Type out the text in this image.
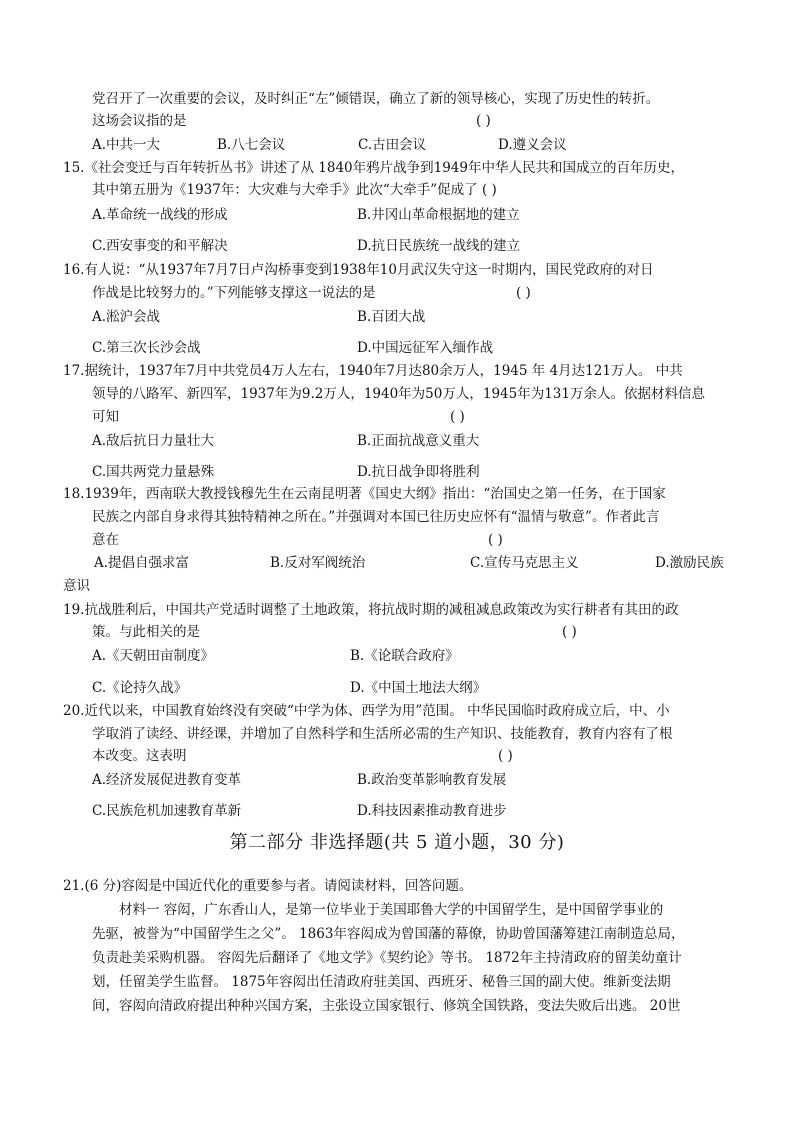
党召开了一次重要的会议，及时纠正“左”倾错误，确立了新的领导核心，实现了历史性的转折。
这场会议指的是	( )
A.中共一大	B.八七会议	C.古田会议	D.遵义会议
15.《社会变迁与百年转折丛书》讲述了从 1840年鸦片战争到1949年中华人民共和国成立的百年历史，
其中第五册为《1937年：大灾难与大牵手》此次“大牵手”促成了 ( )
A.革命统一战线的形成	B.井冈山革命根据地的建立
C.西安事变的和平解决	D.抗日民族统一战线的建立
16.有人说：“从1937年7月7日卢沟桥事变到1938年10月武汉失守这一时期内，国民党政府的对日
作战是比较努力的。”下列能够支撑这一说法的是	( )
A.淞沪会战	B.百团大战
C.第三次长沙会战	D.中国远征军入缅作战
17.据统计，1937年7月中共党员4万人左右，1940年7月达80余万人，1945 年 4月达121万人。 中共
领导的八路军、新四军，1937年为9.2万人，1940年为50万人，1945年为131万余人。依据材料信息
可知	( )
A.敌后抗日力量壮大	B.正面抗战意义重大
C.国共两党力量悬殊	D.抗日战争即将胜利
18.1939年，西南联大教授钱穆先生在云南昆明著《国史大纲》指出：“治国史之第一任务，在于国家
民族之内部自身求得其独特精神之所在。”并强调对本国已往历史应怀有“温情与敬意”。作者此言
意在	( )
A.提倡自强求富	B.反对军阀统治	C.宣传马克思主义	D.激励民族
意识
19.抗战胜利后，中国共产党适时调整了土地政策，将抗战时期的减租减息政策改为实行耕者有其田的政
策。与此相关的是	( )
A.《天朝田亩制度》	B.《论联合政府》
C.《论持久战》	D.《中国土地法大纲》
20.近代以来，中国教育始终没有突破“中学为体、西学为用”范围。 中华民国临时政府成立后，中、小
学取消了读经、讲经课，并增加了自然科学和生活所必需的生产知识、技能教育，教育内容有了根
本改变。这表明	( )
A.经济发展促进教育变革	B.政治变革影响教育发展
C.民族危机加速教育革新	D.科技因素推动教育进步
第二部分 非选择题(共 5 道小题，30 分)
21.(6 分)容闳是中国近代化的重要参与者。请阅读材料，回答问题。
材料一 容闳，广东香山人，是第一位毕业于美国耶鲁大学的中国留学生，是中国留学事业的
先驱，被誉为“中国留学生之父”。 1863年容闳成为曾国藩的幕僚，协助曾国藩筹建江南制造总局，
负责赴美采购机器。 容闳先后翻译了《地文学》《契约论》等书。 1872年主持清政府的留美幼童计
划，任留美学生监督。 1875年容闳出任清政府驻美国、西班牙、秘鲁三国的副大使。维新变法期
间，容闳向清政府提出种种兴国方案，主张设立国家银行、修筑全国铁路，变法失败后出逃。 20世
